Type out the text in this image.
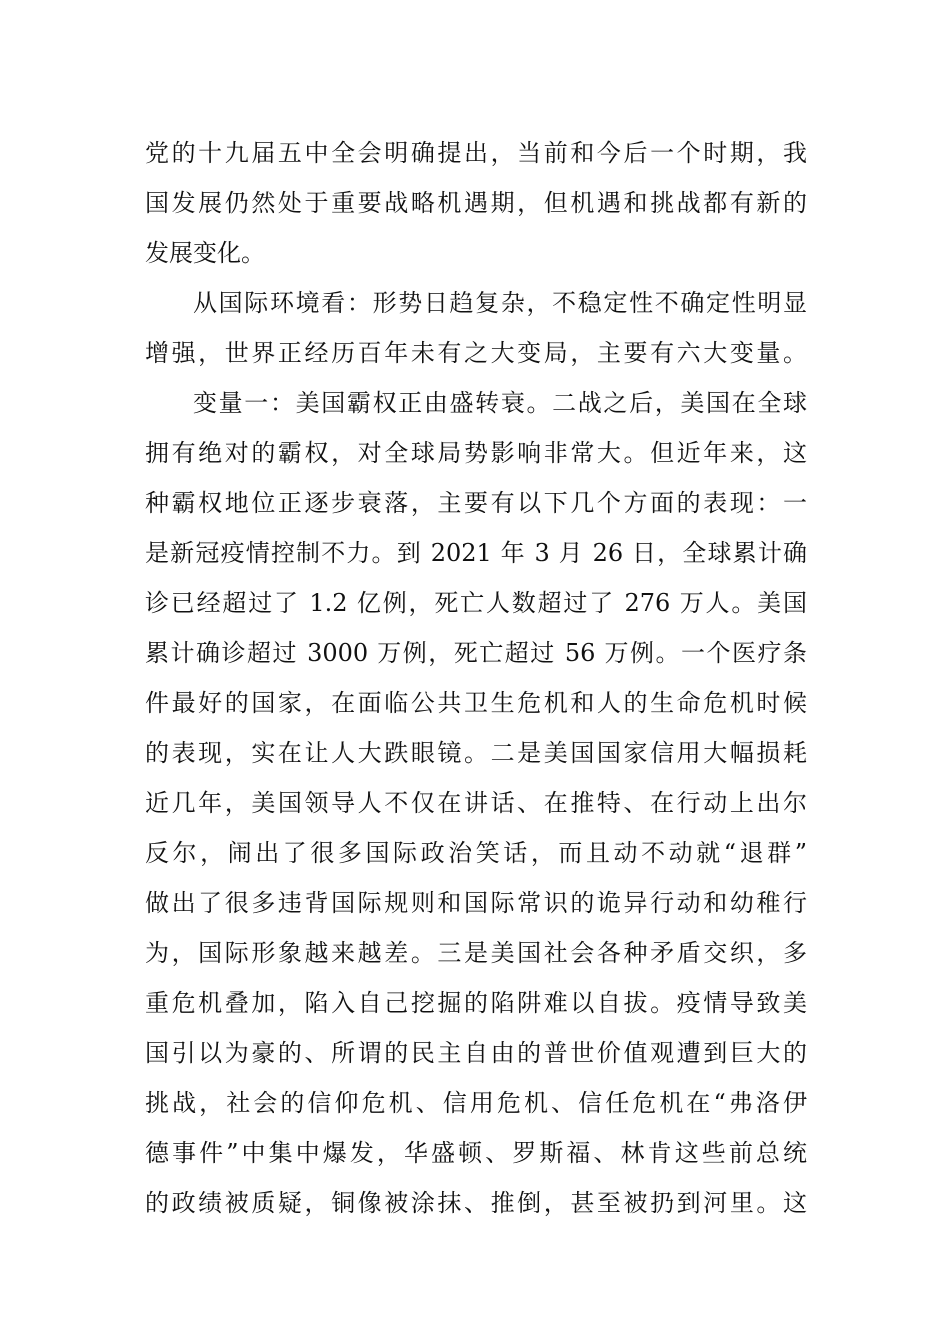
党的十九届五中全会明确提出，当前和今后一个时期，我
国发展仍然处于重要战略机遇期，但机遇和挑战都有新的
发展变化。
从国际环境看：形势日趋复杂，不稳定性不确定性明显
增强，世界正经历百年未有之大变局，主要有六大变量。
变量一：美国霸权正由盛转衰。二战之后，美国在全球
拥有绝对的霸权，对全球局势影响非常大。但近年来，这
种霸权地位正逐步衰落，主要有以下几个方面的表现：一
是新冠疫情控制不力。到 2021 年 3 月 26 日，全球累计确
诊已经超过了 1.2 亿例，死亡人数超过了 276 万人。美国
累计确诊超过 3000 万例，死亡超过 56 万例。一个医疗条
件最好的国家，在面临公共卫生危机和人的生命危机时候
的表现，实在让人大跌眼镜。二是美国国家信用大幅损耗
近几年，美国领导人不仅在讲话、在推特、在行动上出尔
反尔，闹出了很多国际政治笑话，而且动不动就“退群”
做出了很多违背国际规则和国际常识的诡异行动和幼稚行
为，国际形象越来越差。三是美国社会各种矛盾交织，多
重危机叠加，陷入自己挖掘的陷阱难以自拔。疫情导致美
国引以为豪的、所谓的民主自由的普世价值观遭到巨大的
挑战，社会的信仰危机、信用危机、信任危机在“弗洛伊
德事件”中集中爆发，华盛顿、罗斯福、林肯这些前总统
的政绩被质疑，铜像被涂抹、推倒，甚至被扔到河里。这
